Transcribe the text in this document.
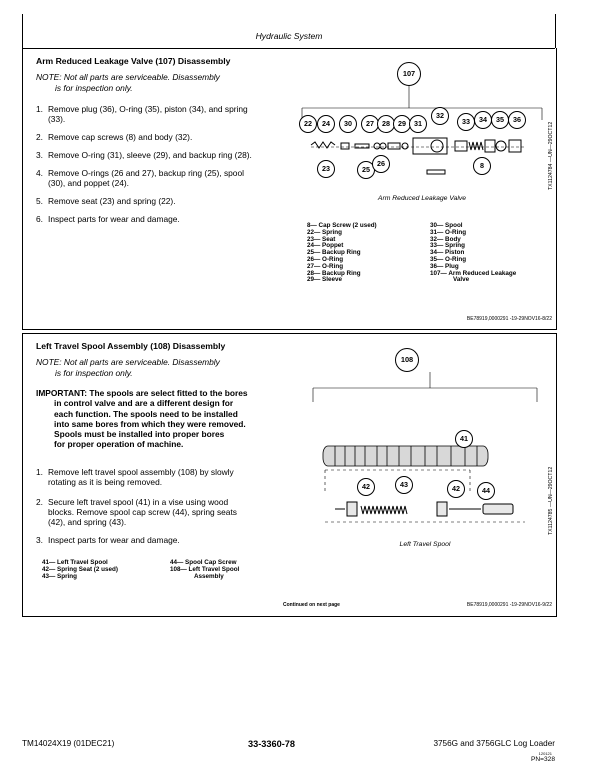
Hydraulic System
Arm Reduced Leakage Valve (107) Disassembly
NOTE: Not all parts are serviceable. Disassembly
is for inspection only.
1. Remove plug (36), O-ring (35), piston (34), and spring
(33).
2. Remove cap screws (8) and body (32).
3. Remove O-ring (31), sleeve (29), and backup ring (28).
4. Remove O-rings (26 and 27), backup ring (25), spool
(30), and poppet (24).
5. Remove seat (23) and spring (22).
6. Inspect parts for wear and damage.
107
22	24	30	27	28	29	31
32
33	34	35	36
23	25
26	8	TX1124784 —UN—29OCT12
Arm Reduced Leakage Valve
8— Cap Screw (2 used)
22— Spring
23— Seat
24— Poppet
25— Backup Ring
26— O-Ring
27— O-Ring
28— Backup Ring
29— Sleeve
30— Spool
31— O-Ring
32— Body
33— Spring
34— Piston
35— O-Ring
36— Plug
107— Arm Reduced Leakage
Valve
BE78919,0000291 -19-29NOV16-8/22
Left Travel Spool Assembly (108) Disassembly
NOTE: Not all parts are serviceable. Disassembly
is for inspection only.
IMPORTANT: The spools are select fitted to the bores
in control valve and are a different design for
each function. The spools need to be installed
into same bores from which they were removed.
Spools must be installed into proper bores
for proper operation of machine.
1. Remove left travel spool assembly (108) by slowly
rotating as it is being removed.
2. Secure left travel spool (41) in a vise using wood
blocks. Remove spool cap screw (44), spring seats
(42), and spring (43).
3. Inspect parts for wear and damage.
41— Left Travel Spool
42— Spring Seat (2 used)
43— Spring
44— Spool Cap Screw
108— Left Travel Spool
Assembly
108
41
42	43	42	44	TX1124785 —UN—29OCT12
Left Travel Spool
Continued on next page	BE78919,0000291 -19-29NOV16-9/22
TM14024X19 (01DEC21)	33-3360-78	3756G and 3756GLC Log Loader
120121
PN=328
